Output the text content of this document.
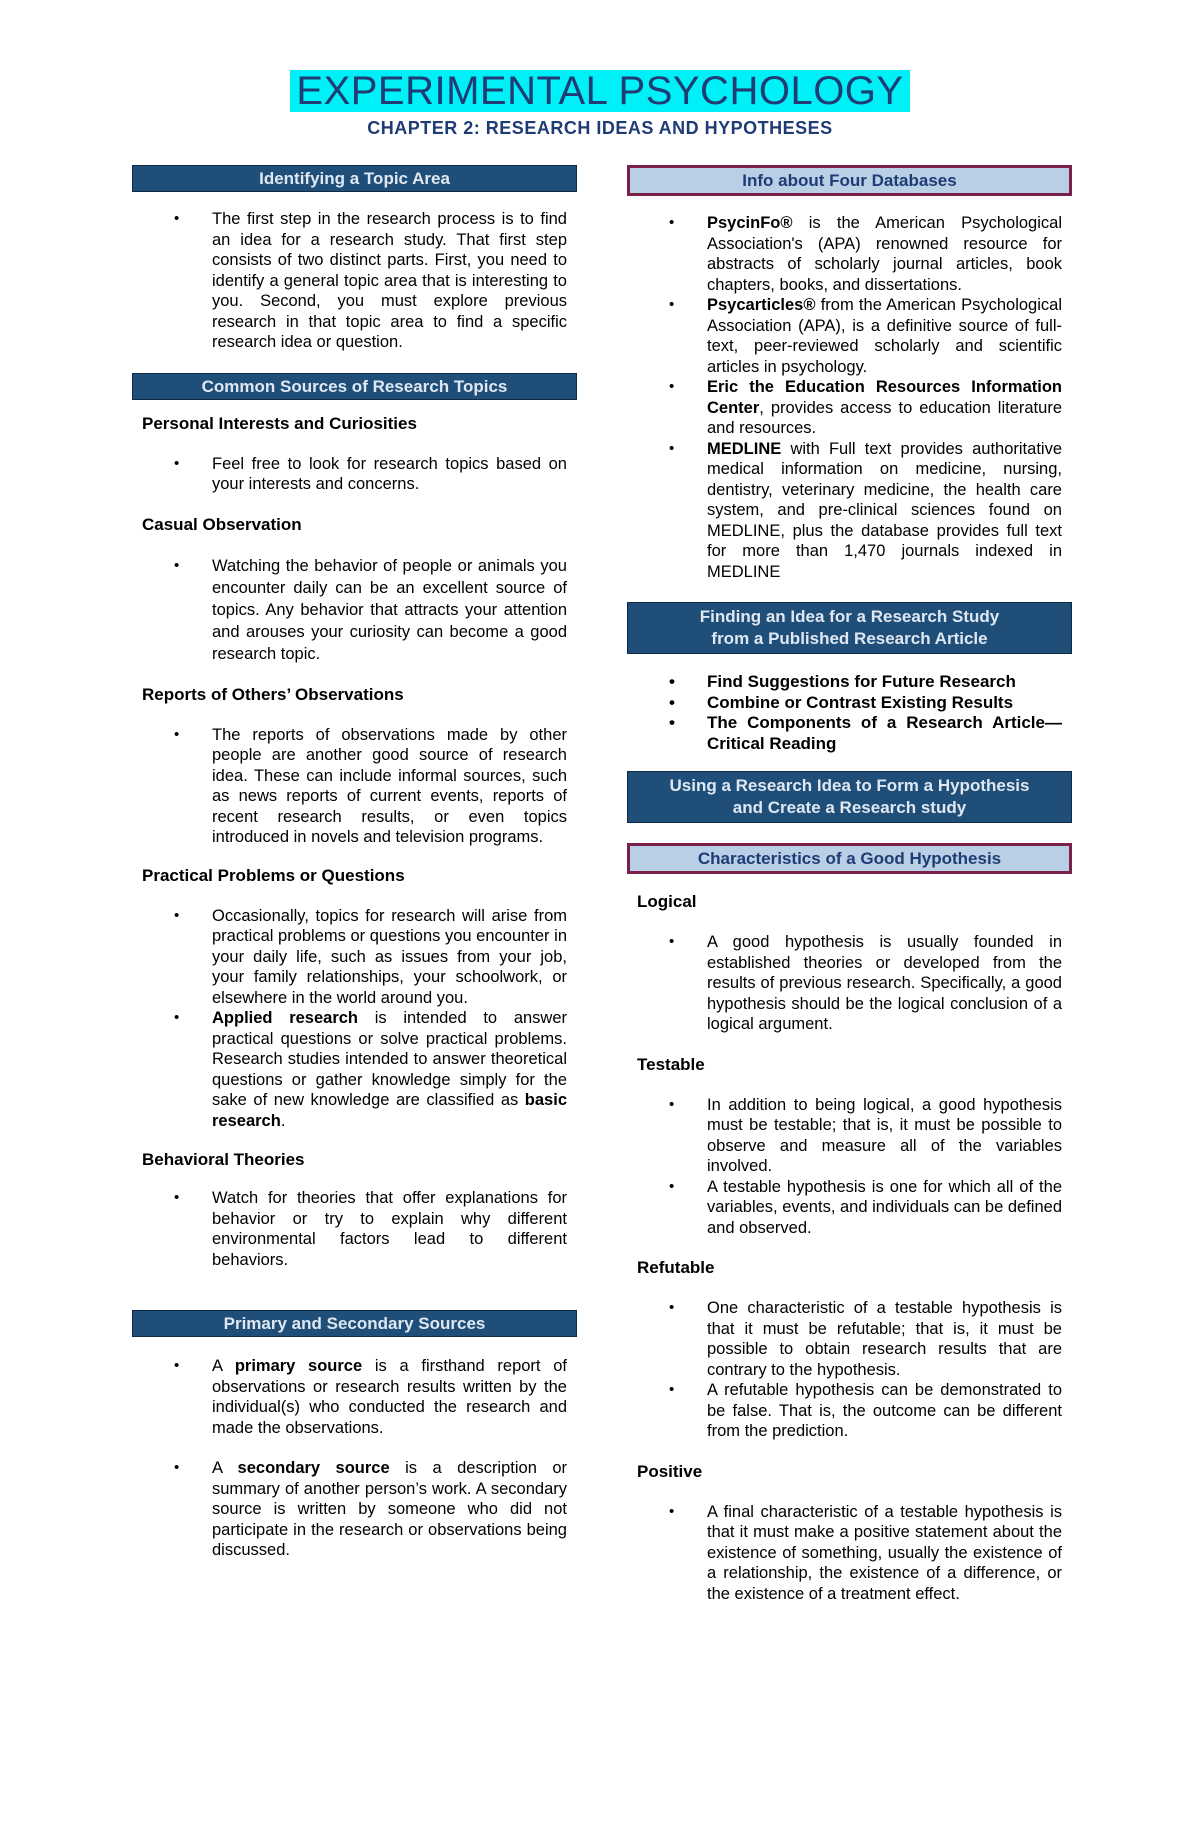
EXPERIMENTAL PSYCHOLOGY
CHAPTER 2: RESEARCH IDEAS AND HYPOTHESES
Identifying a Topic Area
• The first step in the research process is to find an idea for a research study. That first step consists of two distinct parts. First, you need to identify a general topic area that is interesting to you. Second, you must explore previous research in that topic area to find a specific research idea or question.
Common Sources of Research Topics
Personal Interests and Curiosities
• Feel free to look for research topics based on your interests and concerns.
Casual Observation
• Watching the behavior of people or animals you encounter daily can be an excellent source of topics. Any behavior that attracts your attention and arouses your curiosity can become a good research topic.
Reports of Others’ Observations
• The reports of observations made by other people are another good source of research idea. These can include informal sources, such as news reports of current events, reports of recent research results, or even topics introduced in novels and television programs.
Practical Problems or Questions
• Occasionally, topics for research will arise from practical problems or questions you encounter in your daily life, such as issues from your job, your family relationships, your schoolwork, or elsewhere in the world around you.
• Applied research is intended to answer practical questions or solve practical problems. Research studies intended to answer theoretical questions or gather knowledge simply for the sake of new knowledge are classified as basic research.
Behavioral Theories
• Watch for theories that offer explanations for behavior or try to explain why different environmental factors lead to different behaviors.
Primary and Secondary Sources
• A primary source is a firsthand report of observations or research results written by the individual(s) who conducted the research and made the observations.
• A secondary source is a description or summary of another person’s work. A secondary source is written by someone who did not participate in the research or observations being discussed.
Info about Four Databases
• PsycinFo® is the American Psychological Association's (APA) renowned resource for abstracts of scholarly journal articles, book chapters, books, and dissertations.
• Psycarticles® from the American Psychological Association (APA), is a definitive source of full-text, peer-reviewed scholarly and scientific articles in psychology.
• Eric the Education Resources Information Center, provides access to education literature and resources.
• MEDLINE with Full text provides authoritative medical information on medicine, nursing, dentistry, veterinary medicine, the health care system, and pre-clinical sciences found on MEDLINE, plus the database provides full text for more than 1,470 journals indexed in MEDLINE
Finding an Idea for a Research Study
from a Published Research Article
• Find Suggestions for Future Research
• Combine or Contrast Existing Results
• The Components of a Research Article—Critical Reading
Using a Research Idea to Form a Hypothesis
and Create a Research study
Characteristics of a Good Hypothesis
Logical
• A good hypothesis is usually founded in established theories or developed from the results of previous research. Specifically, a good hypothesis should be the logical conclusion of a logical argument.
Testable
• In addition to being logical, a good hypothesis must be testable; that is, it must be possible to observe and measure all of the variables involved.
• A testable hypothesis is one for which all of the variables, events, and individuals can be defined and observed.
Refutable
• One characteristic of a testable hypothesis is that it must be refutable; that is, it must be possible to obtain research results that are contrary to the hypothesis.
• A refutable hypothesis can be demonstrated to be false. That is, the outcome can be different from the prediction.
Positive
• A final characteristic of a testable hypothesis is that it must make a positive statement about the existence of something, usually the existence of a relationship, the existence of a difference, or the existence of a treatment effect.
